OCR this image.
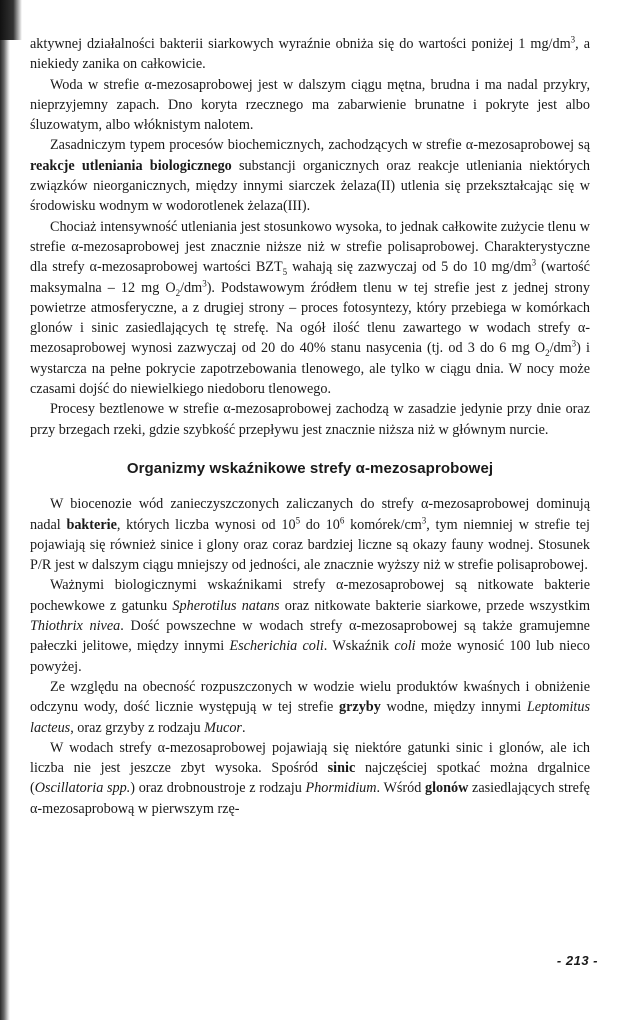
aktywnej działalności bakterii siarkowych wyraźnie obniża się do wartości poniżej 1 $mg/dm^3$, a niekiedy zanika on całkowicie.

Woda w strefie α-mezosaprobowej jest w dalszym ciągu mętna, brudna i ma nadal przykry, nieprzyjemny zapach. Dno koryta rzecznego ma zabarwienie brunatne i pokryte jest albo śluzowatym, albo włóknistym nalotem.

Zasadniczym typem procesów biochemicznych, zachodzących w strefie α-mezosaprobowej są reakcje utleniania biologicznego substancji organicznych oraz reakcje utleniania niektórych związków nieorganicznych, między innymi siarczek żelaza(II) utlenia się przekształcając się w środowisku wodnym w wodorotlenek żelaza(III).

Chociaż intensywność utleniania jest stosunkowo wysoka, to jednak całkowite zużycie tlenu w strefie α-mezosaprobowej jest znacznie niższe niż w strefie polisaprobowej. Charakterystyczne dla strefy α-mezosaprobowej wartości $BZT_5$ wahają się zazwyczaj od 5 do 10 $mg/dm^3$ (wartość maksymalna – 12 mg $O_2/dm^3$). Podstawowym źródłem tlenu w tej strefie jest z jednej strony powietrze atmosferyczne, a z drugiej strony – proces fotosyntezy, który przebiega w komórkach glonów i sinic zasiedlających tę strefę. Na ogół ilość tlenu zawartego w wodach strefy α-mezosaprobowej wynosi zazwyczaj od 20 do 40% stanu nasycenia (tj. od 3 do 6 mg $O_2/dm^3$) i wystarcza na pełne pokrycie zapotrzebowania tlenowego, ale tylko w ciągu dnia. W nocy może czasami dojść do niewielkiego niedoboru tlenowego.

Procesy beztlenowe w strefie α-mezosaprobowej zachodzą w zasadzie jedynie przy dnie oraz przy brzegach rzeki, gdzie szybkość przepływu jest znacznie niższa niż w głównym nurcie.

Organizmy wskaźnikowe strefy α-mezosaprobowej

W biocenozie wód zanieczyszczonych zaliczanych do strefy α-mezosaprobowej dominują nadal bakterie, których liczba wynosi od $10^5$ do $10^6$ komórek/$cm^3$, tym niemniej w strefie tej pojawiają się również sinice i glony oraz coraz bardziej liczne są okazy fauny wodnej. Stosunek P/R jest w dalszym ciągu mniejszy od jedności, ale znacznie wyższy niż w strefie polisaprobowej.

Ważnymi biologicznymi wskaźnikami strefy α-mezosaprobowej są nitkowate bakterie pochewkowe z gatunku Spherotilus natans oraz nitkowate bakterie siarkowe, przede wszystkim Thiothrix nivea. Dość powszechne w wodach strefy α-mezosaprobowej są także gramujemne pałeczki jelitowe, między innymi Escherichia coli. Wskaźnik coli może wynosić 100 lub nieco powyżej.

Ze względu na obecność rozpuszczonych w wodzie wielu produktów kwaśnych i obniżenie odczynu wody, dość licznie występują w tej strefie grzyby wodne, między innymi Leptomitus lacteus, oraz grzyby z rodzaju Mucor.

W wodach strefy α-mezosaprobowej pojawiają się niektóre gatunki sinic i glonów, ale ich liczba nie jest jeszcze zbyt wysoka. Spośród sinic najczęściej spotkać można drgalnice (Oscillatoria spp.) oraz drobnoustroje z rodzaju Phormidium. Wśród glonów zasiedlających strefę α-mezosaprobową w pierwszym rzę-

- 213 -
